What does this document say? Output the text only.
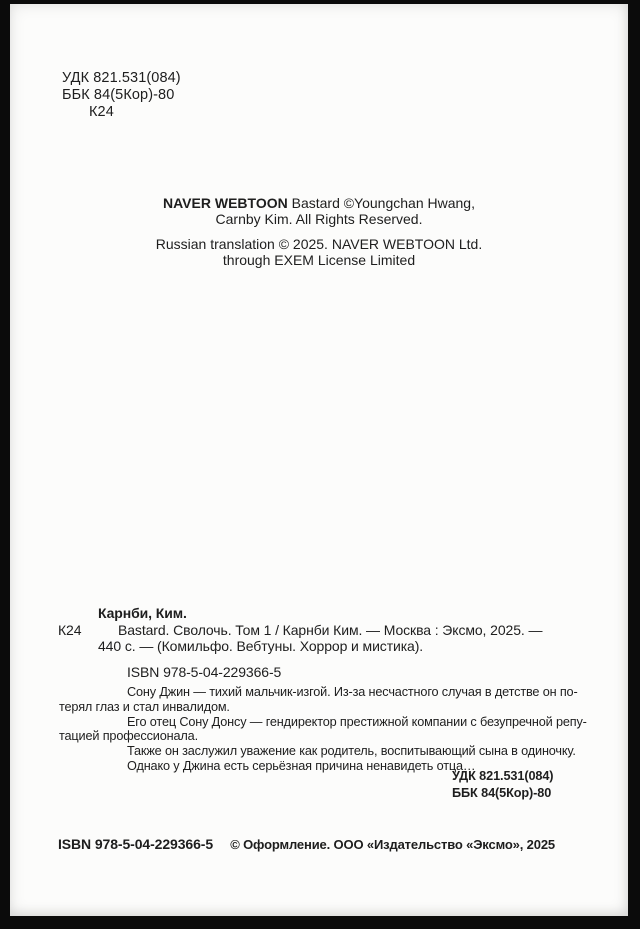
УДК 821.531(084)
ББК 84(5Кор)-80
К24
NAVER WEBTOON Bastard ©Youngchan Hwang,
Carnby Kim. All Rights Reserved.
Russian translation © 2025. NAVER WEBTOON Ltd.
through EXEM License Limited
Карнби, Ким.
К24	Bastard. Сволочь. Том 1 / Карнби Ким. — Москва : Эксмо, 2025. —
440 с. — (Комильфо. Вебтуны. Хоррор и мистика).
ISBN 978-5-04-229366-5
Сону Джин — тихий мальчик-изгой. Из-за несчастного случая в детстве он по-
терял глаз и стал инвалидом.
Его отец Сону Донсу — гендиректор престижной компании с безупречной репу-
тацией профессионала.
Также он заслужил уважение как родитель, воспитывающий сына в одиночку.
Однако у Джина есть серьёзная причина ненавидеть отца…
УДК 821.531(084)
ББК 84(5Кор)-80
ISBN 978-5-04-229366-5 © Оформление. ООО «Издательство «Эксмо», 2025
